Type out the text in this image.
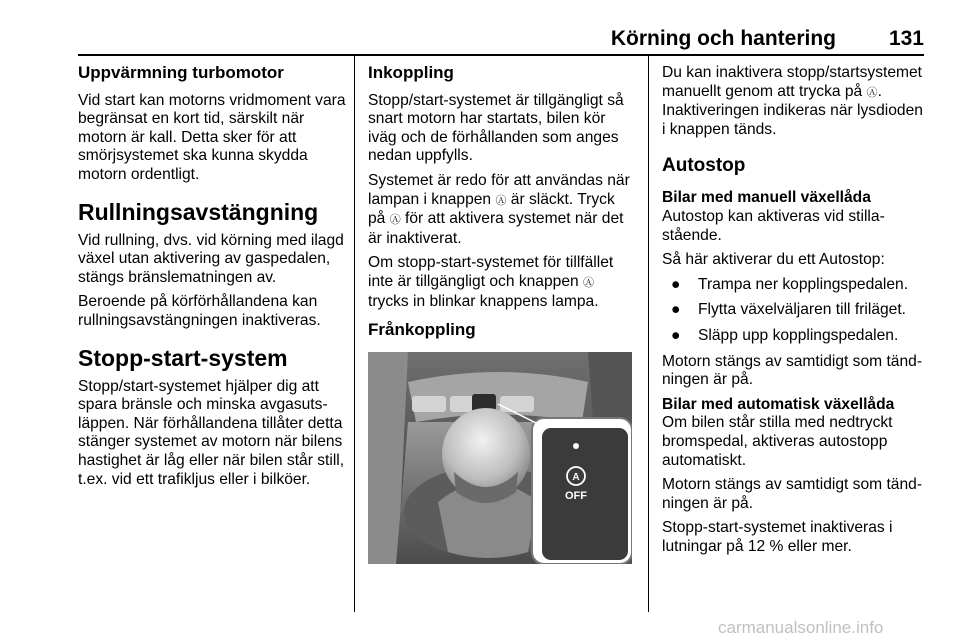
Körning och hantering	131
Uppvärmning turbomotor

Vid start kan motorns vridmoment vara begränsat en kort tid, särskilt när motorn är kall. Detta sker för att smörjsystemet ska kunna skydda motorn ordentligt.

Rullningsavstängning

Vid rullning, dvs. vid körning med ilagd växel utan aktivering av gaspedalen, stängs bränslematningen av.

Beroende på körförhållandena kan rullningsavstängningen inaktiveras.

Stopp-start-system

Stopp/start-systemet hjälper dig att spara bränsle och minska avgasutsläppen. När förhållandena tillåter detta stänger systemet av motorn när bilens hastighet är låg eller när bilen står still, t.ex. vid ett trafikljus eller i bilköer.

Inkoppling

Stopp/start-systemet är tillgängligt så snart motorn har startats, bilen kör iväg och de förhållanden som anges nedan uppfylls.

Systemet är redo för att användas när lampan i knappen Ⓐ är släckt. Tryck på Ⓐ för att aktivera systemet när det är inaktiverat.

Om stopp-start-systemet för tillfället inte är tillgängligt och knappen Ⓐ trycks in blinkar knappens lampa.

Frånkoppling
A
OFF

Du kan inaktivera stopp/startsystemet manuellt genom att trycka på Ⓐ. Inaktiveringen indikeras när lysdioden i knappen tänds.

Autostop
Bilar med manuell växellåda

Autostop kan aktiveras vid stillastående.

Så här aktiverar du ett Autostop:

● Trampa ner kopplingspedalen.
● Flytta växelväljaren till friläget.
● Släpp upp kopplingspedalen.

Motorn stängs av samtidigt som tändningen är på.

Bilar med automatisk växellåda

Om bilen står stilla med nedtryckt bromspedal, aktiveras autostopp automatiskt.

Motorn stängs av samtidigt som tändningen är på.

Stopp-start-systemet inaktiveras i lutningar på 12 % eller mer.

carmanualsonline.info
